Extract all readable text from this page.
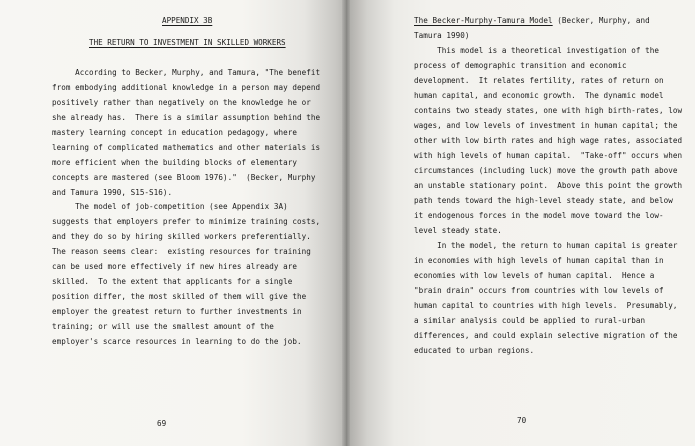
APPENDIX 3B
THE RETURN TO INVESTMENT IN SKILLED WORKERS
According to Becker, Murphy, and Tamura, "The benefit
from embodying additional knowledge in a person may depend
positively rather than negatively on the knowledge he or
she already has.  There is a similar assumption behind the
mastery learning concept in education pedagogy, where
learning of complicated mathematics and other materials is
more efficient when the building blocks of elementary
concepts are mastered (see Bloom 1976)."  (Becker, Murphy
and Tamura 1990, S15-S16).
The model of job-competition (see Appendix 3A)
suggests that employers prefer to minimize training costs,
and they do so by hiring skilled workers preferentially.
The reason seems clear:  existing resources for training
can be used more effectively if new hires already are
skilled.  To the extent that applicants for a single
position differ, the most skilled of them will give the
employer the greatest return to further investments in
training; or will use the smallest amount of the
employer's scarce resources in learning to do the job.
69
The Becker-Murphy-Tamura Model (Becker, Murphy, and
Tamura 1990)
This model is a theoretical investigation of the
process of demographic transition and economic
development.  It relates fertility, rates of return on
human capital, and economic growth.  The dynamic model
contains two steady states, one with high birth-rates, low
wages, and low levels of investment in human capital; the
other with low birth rates and high wage rates, associated
with high levels of human capital.  "Take-off" occurs when
circumstances (including luck) move the growth path above
an unstable stationary point.  Above this point the growth
path tends toward the high-level steady state, and below
it endogenous forces in the model move toward the low-
level steady state.
In the model, the return to human capital is greater
in economies with high levels of human capital than in
economies with low levels of human capital.  Hence a
"brain drain" occurs from countries with low levels of
human capital to countries with high levels.  Presumably,
a similar analysis could be applied to rural-urban
differences, and could explain selective migration of the
educated to urban regions.
70
